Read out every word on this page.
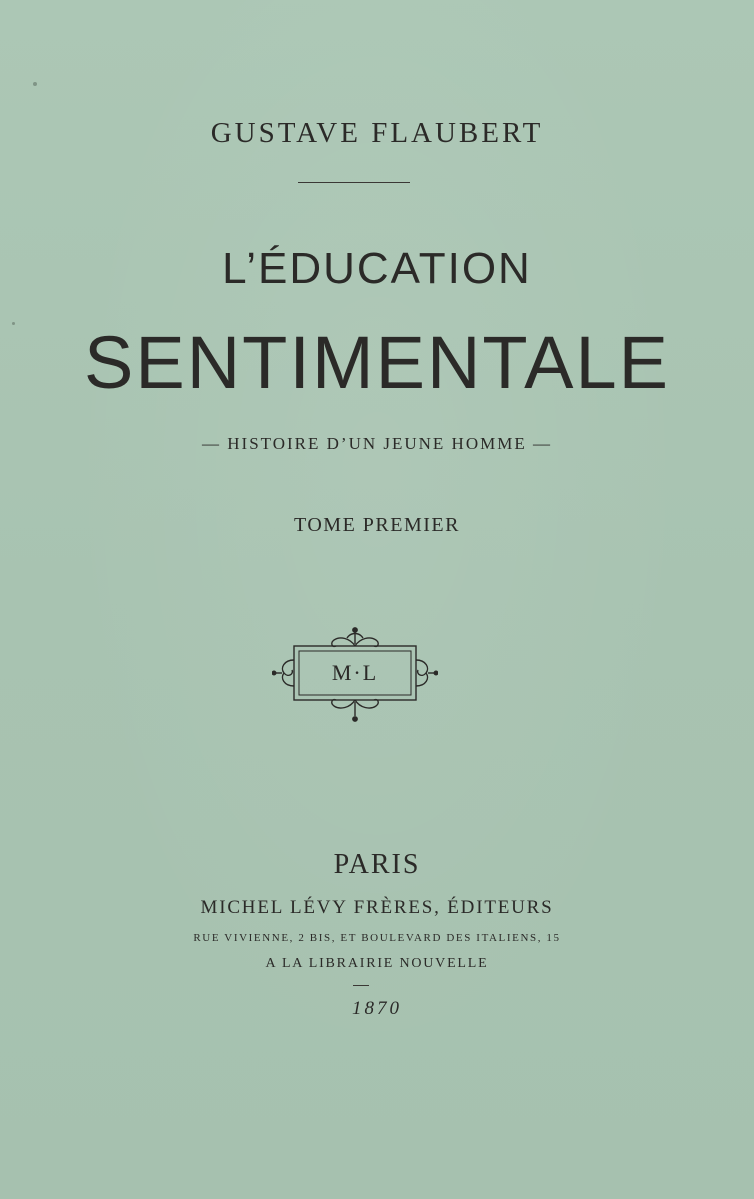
GUSTAVE FLAUBERT
L’ÉDUCATION
SENTIMENTALE
— HISTOIRE D’UN JEUNE HOMME —
TOME PREMIER
M·L
PARIS
MICHEL LÉVY FRÈRES, ÉDITEURS
RUE VIVIENNE, 2 BIS, ET BOULEVARD DES ITALIENS, 15
A LA LIBRAIRIE NOUVELLE
1870
